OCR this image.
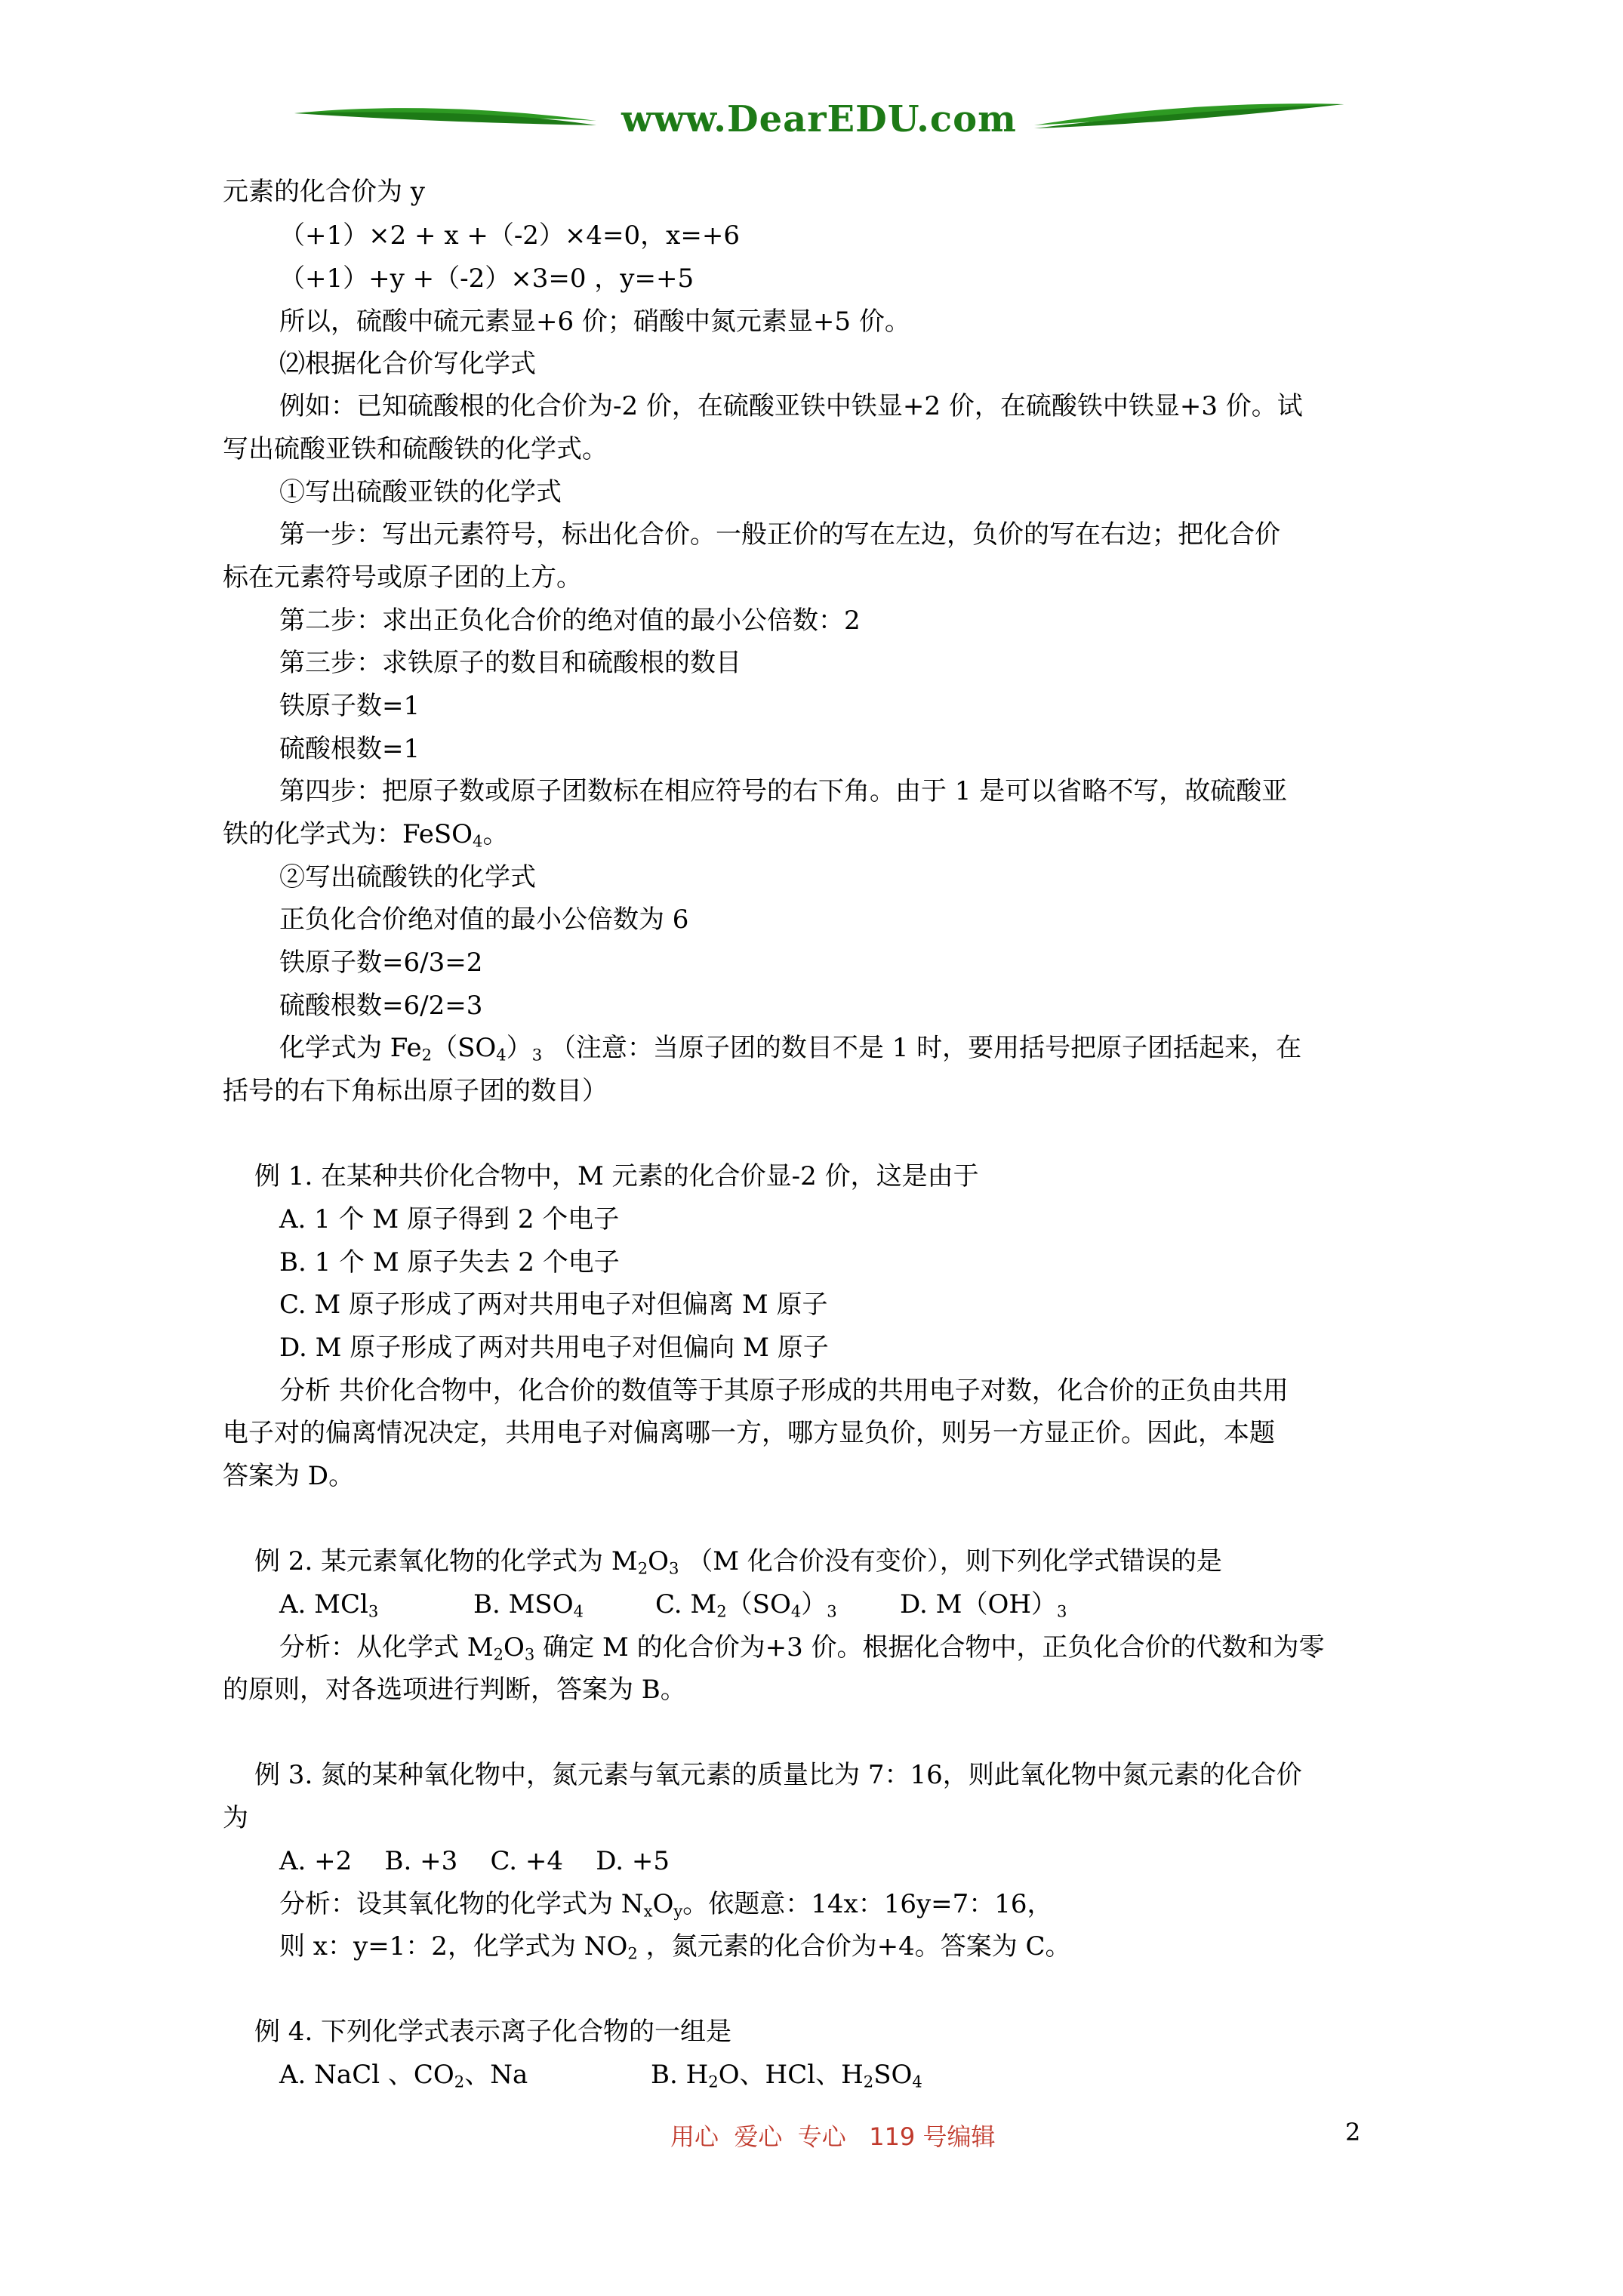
www.DearEDU.com
元素的化合价为 y
（+1）×2 + x +（-2）×4=0，x=+6
（+1）+y +（-2）×3=0 ，y=+5
所以，硫酸中硫元素显+6 价；硝酸中氮元素显+5 价。
⑵根据化合价写化学式
例如：已知硫酸根的化合价为-2 价，在硫酸亚铁中铁显+2 价，在硫酸铁中铁显+3 价。试
写出硫酸亚铁和硫酸铁的化学式。
①写出硫酸亚铁的化学式
第一步：写出元素符号，标出化合价。一般正价的写在左边，负价的写在右边；把化合价
标在元素符号或原子团的上方。
第二步：求出正负化合价的绝对值的最小公倍数：2
第三步：求铁原子的数目和硫酸根的数目
铁原子数=1
硫酸根数=1
第四步：把原子数或原子团数标在相应符号的右下角。由于 1 是可以省略不写，故硫酸亚
铁的化学式为：FeSO$_4$。
②写出硫酸铁的化学式
正负化合价绝对值的最小公倍数为 6
铁原子数=6/3=2
硫酸根数=6/2=3
化学式为 $Fe_2(SO_4)_3$ （注意：当原子团的数目不是 1 时，要用括号把原子团括起来，在
括号的右下角标出原子团的数目）
例 1. 在某种共价化合物中，M 元素的化合价显-2 价，这是由于
A. 1 个 M 原子得到 2 个电子
B. 1 个 M 原子失去 2 个电子
C. M 原子形成了两对共用电子对但偏离 M 原子
D. M 原子形成了两对共用电子对但偏向 M 原子
分析 共价化合物中，化合价的数值等于其原子形成的共用电子对数，化合价的正负由共用
电子对的偏离情况决定，共用电子对偏离哪一方，哪方显负价，则另一方显正价。因此，本题
答案为 D。
例 2. 某元素氧化物的化学式为 $M_2O_3$ （M 化合价没有变价），则下列化学式错误的是
A. MCl$_3$	B. $MSO_4$	C. $M_2(SO_4)_3$ D. $M(OH)_3$
分析：从化学式 $M_2O_3$ 确定 M 的化合价为+3 价。根据化合物中，正负化合价的代数和为零
的原则，对各选项进行判断，答案为 B。
例 3. 氮的某种氧化物中，氮元素与氧元素的质量比为 7：16，则此氧化物中氮元素的化合价
为
A. +2    B. +3    C. +4    D. +5
分析：设其氧化物的化学式为 $N_xO_y$。依题意：14x：16y=7：16，
则 x：y=1：2，化学式为 $NO_2$ ，氮元素的化合价为+4。答案为 C。
例 4. 下列化学式表示离子化合物的一组是
A. NaCl 、$CO_2$、Na	B. $H_2O$、HCl、$H_2SO_4$
用心  爱心  专心   119 号编辑	2
